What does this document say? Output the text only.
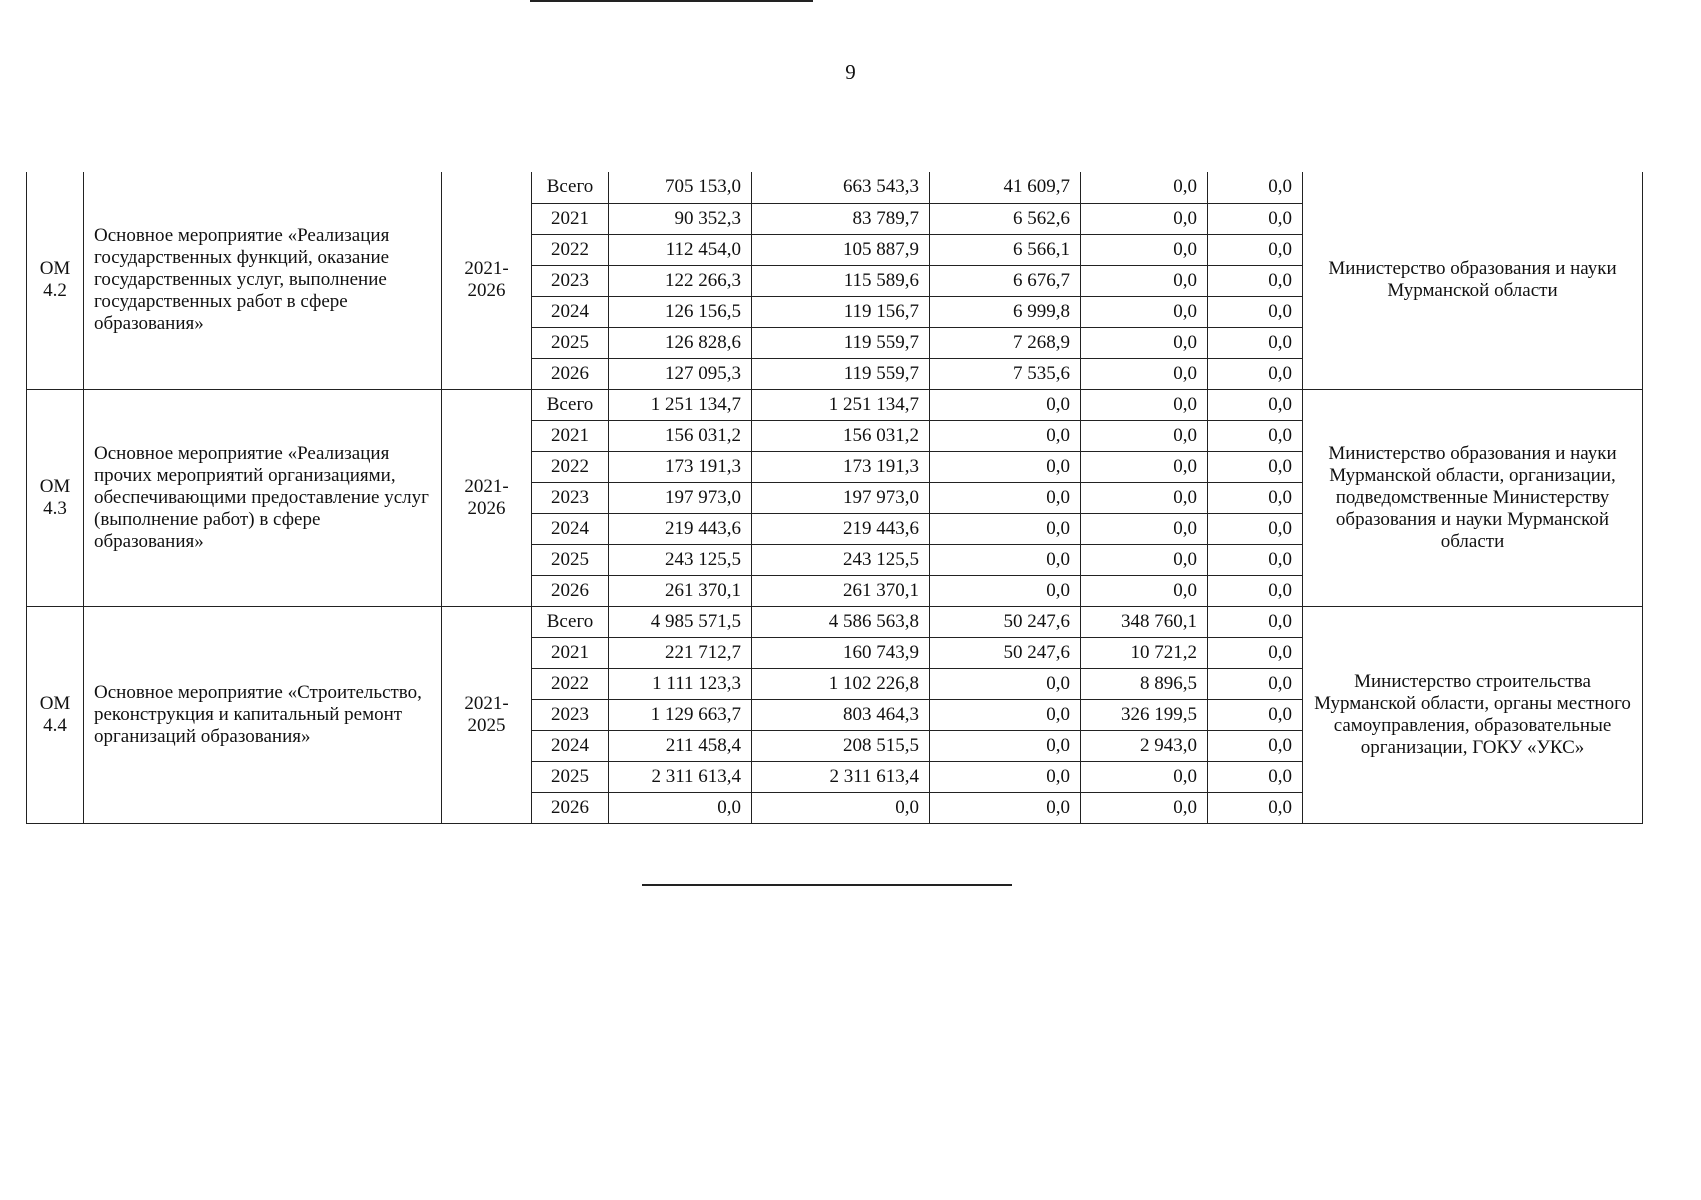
9
ОМ 4.2	Основное мероприятие «Реализация государственных функций, оказание государственных услуг, выполнение государственных работ в сфере образования»	2021-2026	Всего	705 153,0	663 543,3	41 609,7	0,0	0,0	Министерство образования и науки Мурманской области
			2021	90 352,3	83 789,7	6 562,6	0,0	0,0	
			2022	112 454,0	105 887,9	6 566,1	0,0	0,0	
			2023	122 266,3	115 589,6	6 676,7	0,0	0,0	
			2024	126 156,5	119 156,7	6 999,8	0,0	0,0	
			2025	126 828,6	119 559,7	7 268,9	0,0	0,0	
			2026	127 095,3	119 559,7	7 535,6	0,0	0,0	
ОМ 4.3	Основное мероприятие «Реализация прочих мероприятий организациями, обеспечивающими предоставление услуг (выполнение работ) в сфере образования»	2021-2026	Всего	1 251 134,7	1 251 134,7	0,0	0,0	0,0	Министерство образования и науки Мурманской области, организации, подведомственные Министерству образования и науки Мурманской области
			2021	156 031,2	156 031,2	0,0	0,0	0,0	
			2022	173 191,3	173 191,3	0,0	0,0	0,0	
			2023	197 973,0	197 973,0	0,0	0,0	0,0	
			2024	219 443,6	219 443,6	0,0	0,0	0,0	
			2025	243 125,5	243 125,5	0,0	0,0	0,0	
			2026	261 370,1	261 370,1	0,0	0,0	0,0	
ОМ 4.4	Основное мероприятие «Строительство, реконструкция и капитальный ремонт организаций образования»	2021-2025	Всего	4 985 571,5	4 586 563,8	50 247,6	348 760,1	0,0	Министерство строительства Мурманской области, органы местного самоуправления, образовательные организации, ГОКУ «УКС»
			2021	221 712,7	160 743,9	50 247,6	10 721,2	0,0	
			2022	1 111 123,3	1 102 226,8	0,0	8 896,5	0,0	
			2023	1 129 663,7	803 464,3	0,0	326 199,5	0,0	
			2024	211 458,4	208 515,5	0,0	2 943,0	0,0	
			2025	2 311 613,4	2 311 613,4	0,0	0,0	0,0	
			2026	0,0	0,0	0,0	0,0	0,0	
